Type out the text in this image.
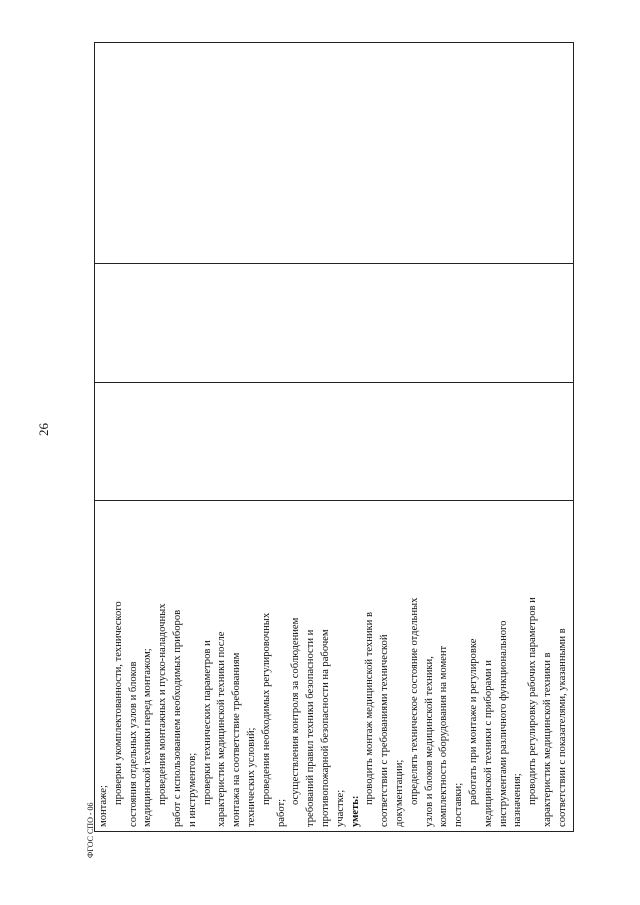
26
ФГОС СПО - 06 монтаже;
проверки укомплектованности, технического состояния отдельных узлов и блоков медицинской техники перед монтажом; проведения монтажных и пуско-наладочных работ с использованием необходимых приборов и инструментов; проверки технических параметров и характеристик медицинской техники после монтажа на соответствие требованиям технических условий; проведения необходимых регулировочных
работ;
осуществления контроля за соблюдением требований правил техники безопасности и противопожарной безопасности на рабочем участке; уметь:
проводить монтаж медицинской техники в соответствии с требованиями технической документации; определять техническое состояние отдельных узлов и блоков медицинской техники, комплектность оборудования на момент поставки; работать при монтаже и регулировке медицинской техники с приборами и инструментами различного функционального назначения; проводить регулировку рабочих параметров и характеристик медицинской техники в соответствии с показателями, указанными в
